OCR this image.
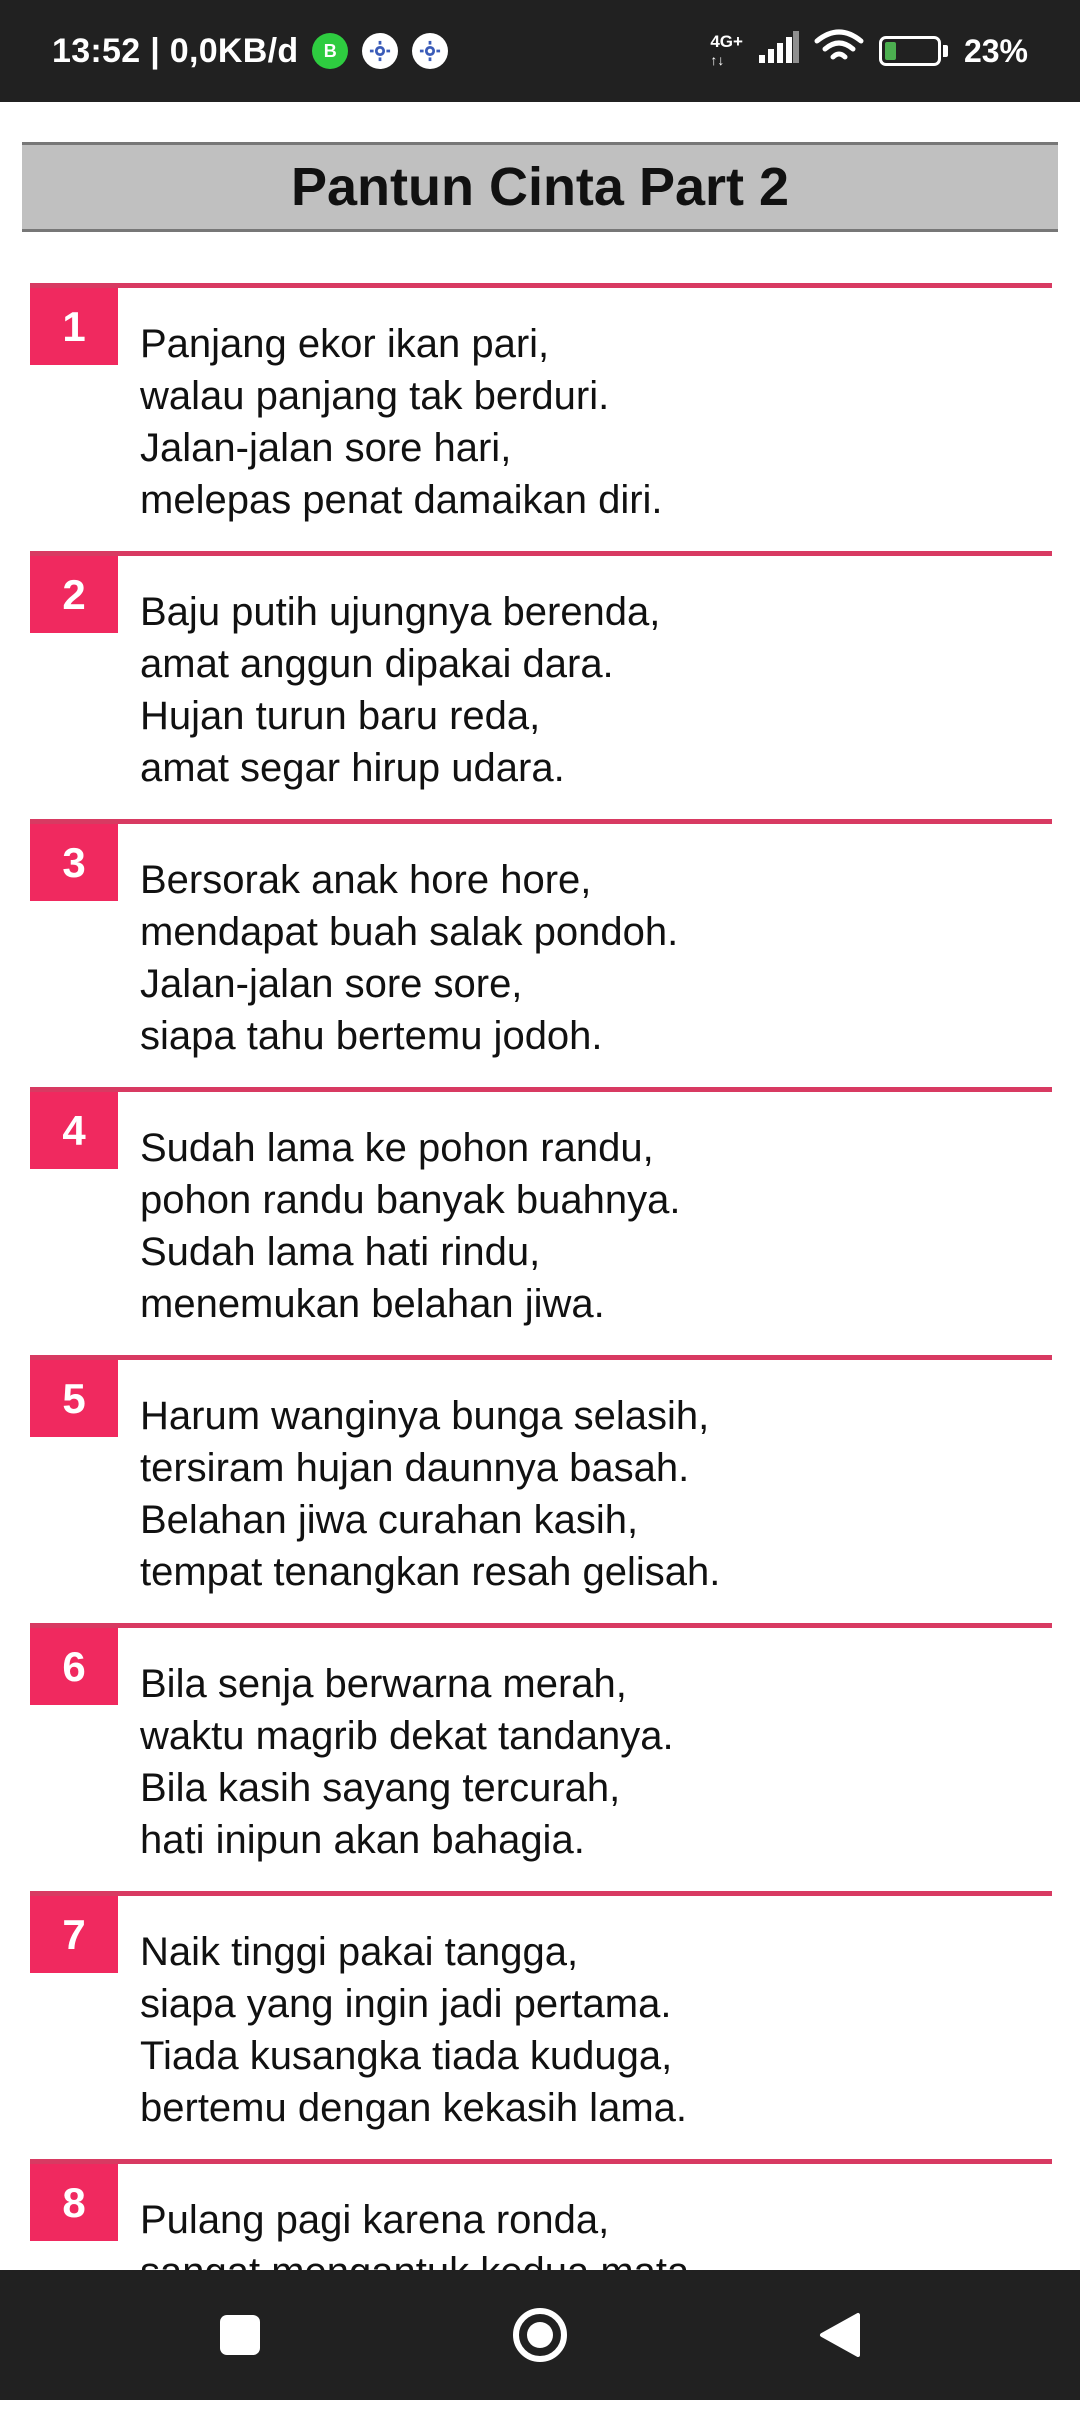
13:52 | 0,0KB/d	B	4G+
↑↓	23%
Pantun Cinta Part 2
1	Panjang ekor ikan pari,
walau panjang tak berduri.
Jalan-jalan sore hari,
melepas penat damaikan diri.
2	Baju putih ujungnya berenda,
amat anggun dipakai dara.
Hujan turun baru reda,
amat segar hirup udara.
3	Bersorak anak hore hore,
mendapat buah salak pondoh.
Jalan-jalan sore sore,
siapa tahu bertemu jodoh.
4	Sudah lama ke pohon randu,
pohon randu banyak buahnya.
Sudah lama hati rindu,
menemukan belahan jiwa.
5	Harum wanginya bunga selasih,
tersiram hujan daunnya basah.
Belahan jiwa curahan kasih,
tempat tenangkan resah gelisah.
6	Bila senja berwarna merah,
waktu magrib dekat tandanya.
Bila kasih sayang tercurah,
hati inipun akan bahagia.
7	Naik tinggi pakai tangga,
siapa yang ingin jadi pertama.
Tiada kusangka tiada kuduga,
bertemu dengan kekasih lama.
8	Pulang pagi karena ronda,
